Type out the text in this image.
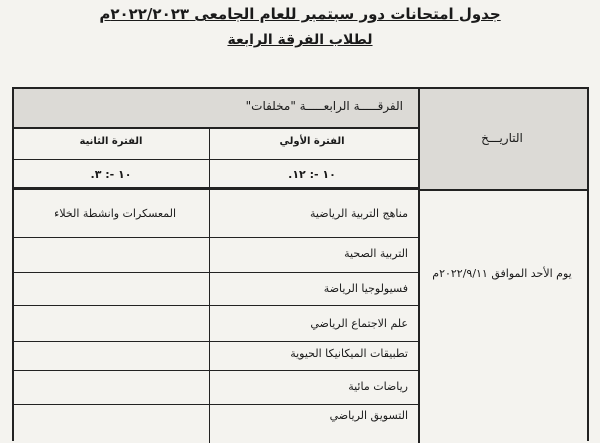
جدول امتحانات دور سبتمبر للعام الجامعى ٢٠٢٢/٢٠٢٣م
لطلاب الفرقة الرابعة
الفرقـــــة الرابعـــــة "مخلفات"
التاريـــخ
الفترة الأولي
الفترة الثانية
١٠ -: ١٢.
١٠ -: ٣.
يوم الأحد الموافق ٢٠٢٢/٩/١١م
مناهج التربية الرياضية
التربية الصحية
فسيولوجيا الرياضة
علم الاجتماع الرياضي
تطبيقات الميكانيكا الحيوية
رياضات مائية
التسويق الرياضي
المعسكرات وانشطة الخلاء
